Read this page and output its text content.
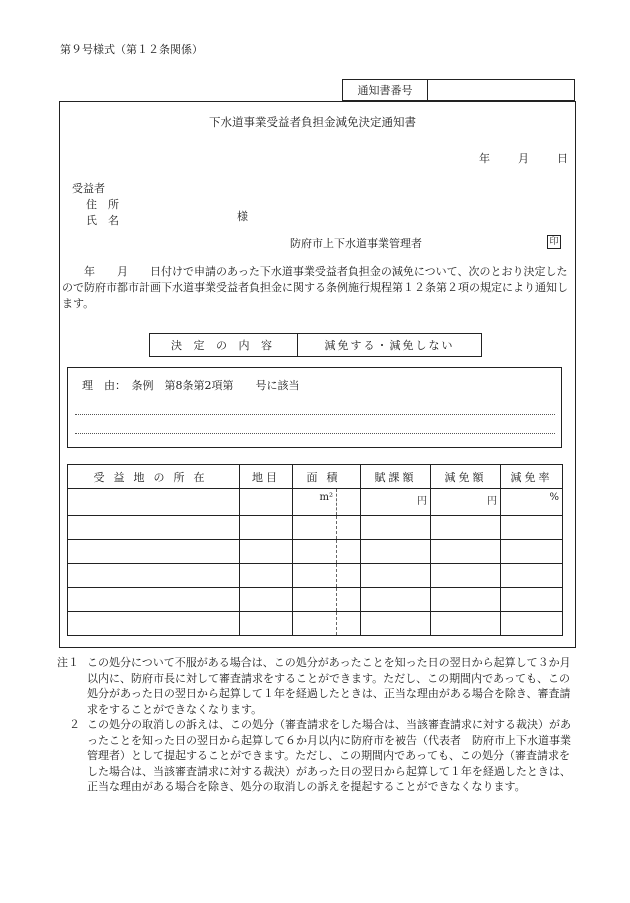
第９号様式（第１２条関係）
通知書番号
下水道事業受益者負担金減免決定通知書
年	月	日
受益者
住　所
氏　名	様
防府市上下水道事業管理者	印
　　年　　月　　日付けで申請のあった下水道事業受益者負担金の減免について、次のとおり決定したので防府市都市計画下水道事業受益者負担金に関する条例施行規程第１２条第２項の規定により通知します。
決 定 の 内 容	減免する・減免しない
理　由：　条例　第8条第2項第　　号に該当
受益地の所在	地目	面積		賦課額	減免額	減免率
		m²		円	円	%

注１ この処分について不服がある場合は、この処分があったことを知った日の翌日から起算して３か月以内に、防府市長に対して審査請求をすることができます。ただし、この期間内であっても、この処分があった日の翌日から起算して１年を経過したときは、正当な理由がある場合を除き、審査請求をすることができなくなります。
２ この処分の取消しの訴えは、この処分（審査請求をした場合は、当該審査請求に対する裁決）があったことを知った日の翌日から起算して６か月以内に防府市を被告（代表者　防府市上下水道事業管理者）として提起することができます。ただし、この期間内であっても、この処分（審査請求をした場合は、当該審査請求に対する裁決）があった日の翌日から起算して１年を経過したときは、正当な理由がある場合を除き、処分の取消しの訴えを提起することができなくなります。
